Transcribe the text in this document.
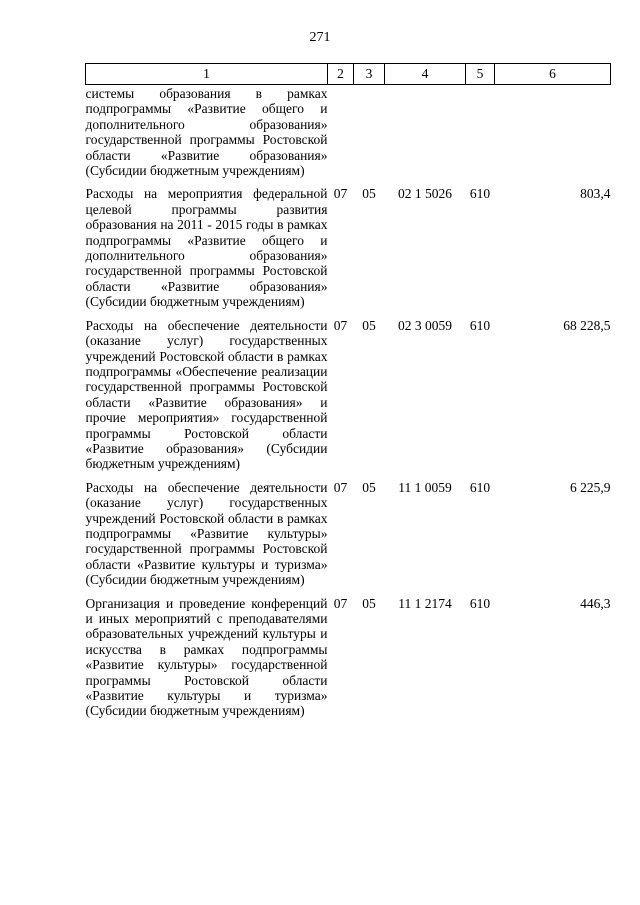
271
1	2	3	4	5	6
системы образования в рамках подпрограммы «Развитие общего и дополнительного образования» государственной программы Ростовской области «Развитие образования» (Субсидии бюджетным учреждениям)					
Расходы на мероприятия федеральной целевой программы развития образования на 2011 - 2015 годы в рамках подпрограммы «Развитие общего и дополнительного образования» государственной программы Ростовской области «Развитие образования» (Субсидии бюджетным учреждениям)	07	05	02 1 5026	610	803,4
Расходы на обеспечение деятельности (оказание услуг) государственных учреждений Ростовской области в рамках подпрограммы «Обеспечение реализации государственной программы Ростовской области «Развитие образования» и прочие мероприятия» государственной программы Ростовской области «Развитие образования» (Субсидии бюджетным учреждениям)	07	05	02 3 0059	610	68 228,5
Расходы на обеспечение деятельности (оказание услуг) государственных учреждений Ростовской области в рамках подпрограммы «Развитие культуры» государственной программы Ростовской области «Развитие культуры и туризма» (Субсидии бюджетным учреждениям)	07	05	11 1 0059	610	6 225,9
Организация и проведение конференций и иных мероприятий с преподавателями образовательных учреждений культуры и искусства в рамках подпрограммы «Развитие культуры» государственной программы Ростовской области «Развитие культуры и туризма» (Субсидии бюджетным учреждениям)	07	05	11 1 2174	610	446,3
